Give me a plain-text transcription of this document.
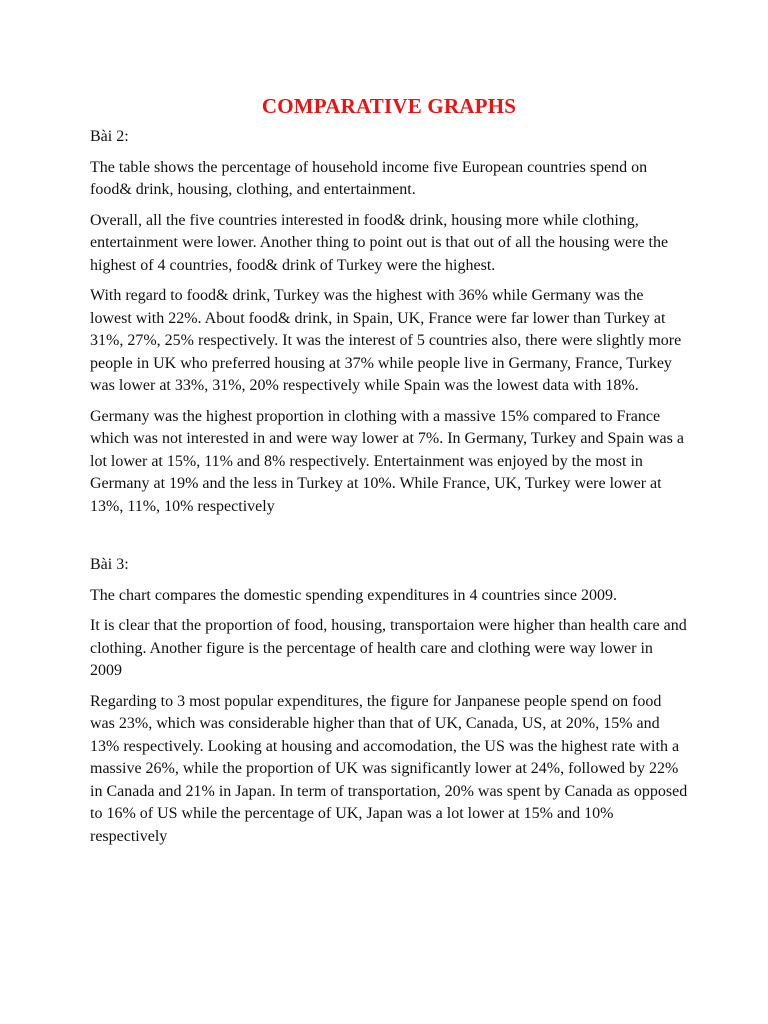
COMPARATIVE GRAPHS

Bài 2:

The table shows the percentage of household income five European countries spend on food& drink, housing, clothing, and entertainment.

Overall, all the five countries interested in food& drink, housing more while clothing, entertainment were lower. Another thing to point out is that out of all the housing were the highest of 4 countries, food& drink of Turkey were the highest.

With regard to food& drink, Turkey was the highest with 36% while Germany was the lowest with 22%. About food& drink, in Spain, UK, France were far lower than Turkey at 31%, 27%, 25% respectively. It was the interest of 5 countries also, there were slightly more people in UK who preferred housing at 37% while people live in Germany, France, Turkey was lower at 33%, 31%, 20% respectively while Spain was the lowest data with 18%.

Germany was the highest proportion in clothing with a massive 15% compared to France which was not interested in and were way lower at 7%. In Germany, Turkey and Spain was a lot lower at 15%, 11% and 8% respectively. Entertainment was enjoyed by the most in Germany at 19% and the less in Turkey at 10%. While France, UK, Turkey were lower at 13%, 11%, 10% respectively

Bài 3:

The chart compares the domestic spending expenditures in 4 countries since 2009.

It is clear that the proportion of food, housing, transportaion were higher than health care and clothing. Another figure is the percentage of health care and clothing were way lower in 2009

Regarding to 3 most popular expenditures, the figure for Janpanese people spend on food was 23%, which was considerable higher than that of UK, Canada, US, at 20%, 15% and 13% respectively. Looking at housing and accomodation, the US was the highest rate with a massive 26%, while the proportion of UK was significantly lower at 24%, followed by 22% in Canada and 21% in Japan. In term of transportation, 20% was spent by Canada as opposed to 16% of US while the percentage of UK, Japan was a lot lower at 15% and 10% respectively
